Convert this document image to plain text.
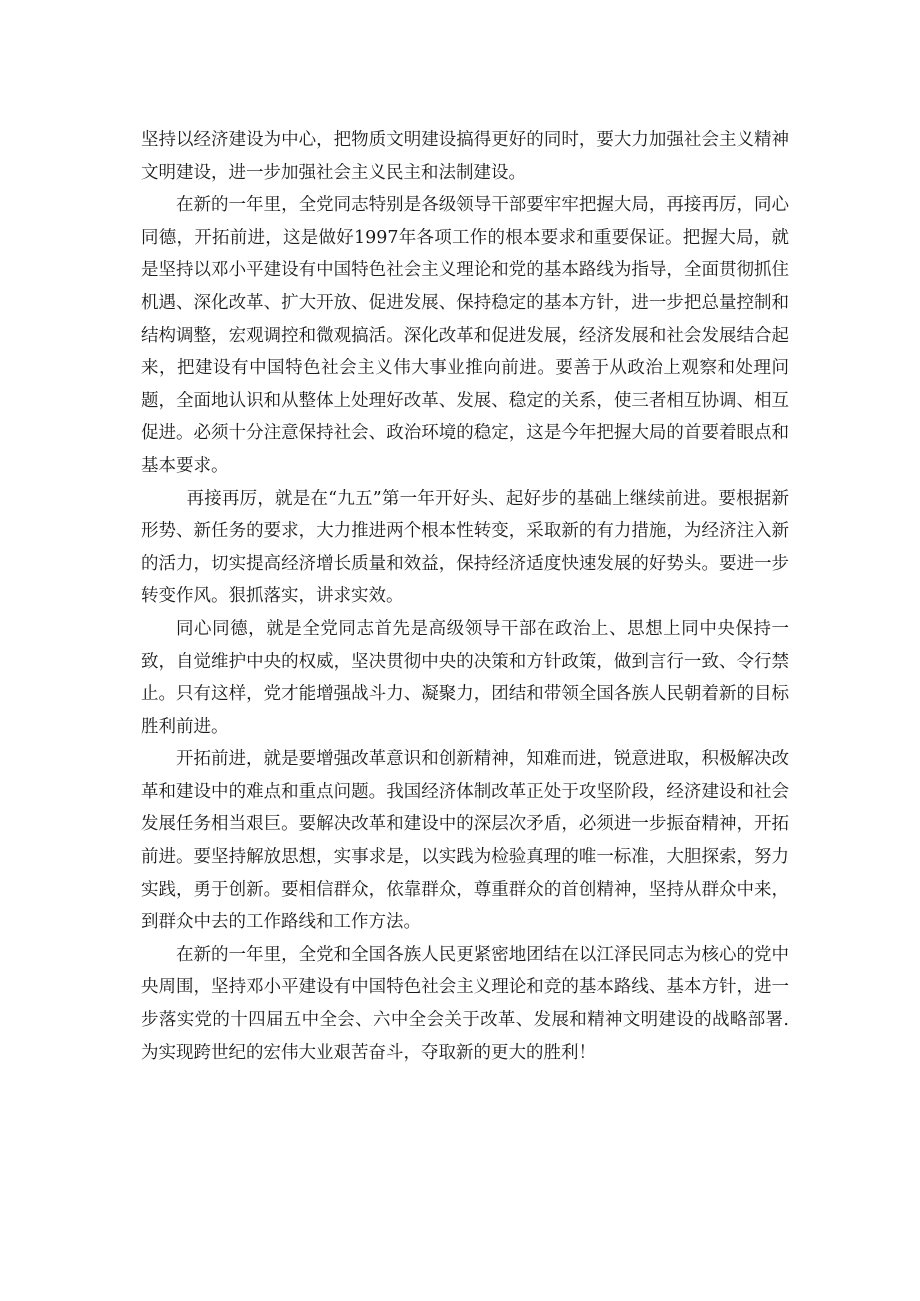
坚持以经济建设为中心，把物质文明建设搞得更好的同时，要大力加强社会主义精神文明建设，进一步加强社会主义民主和法制建设。

在新的一年里，全党同志特别是各级领导干部要牢牢把握大局，再接再厉，同心同德，开拓前进，这是做好1997年各项工作的根本要求和重要保证。把握大局，就是坚持以邓小平建设有中国特色社会主义理论和党的基本路线为指导，全面贯彻抓住机遇、深化改革、扩大开放、促进发展、保持稳定的基本方针，进一步把总量控制和结构调整，宏观调控和微观搞活。深化改革和促进发展，经济发展和社会发展结合起来，把建设有中国特色社会主义伟大事业推向前进。要善于从政治上观察和处理问题，全面地认识和从整体上处理好改革、发展、稳定的关系，使三者相互协调、相互促进。必须十分注意保持社会、政治环境的稳定，这是今年把握大局的首要着眼点和基本要求。

再接再厉，就是在“九五”第一年开好头、起好步的基础上继续前进。要根据新形势、新任务的要求，大力推进两个根本性转变，采取新的有力措施，为经济注入新的活力，切实提高经济增长质量和效益，保持经济适度快速发展的好势头。要进一步转变作风。狠抓落实，讲求实效。

同心同德，就是全党同志首先是高级领导干部在政治上、思想上同中央保持一致，自觉维护中央的权威，坚决贯彻中央的决策和方针政策，做到言行一致、令行禁止。只有这样，党才能增强战斗力、凝聚力，团结和带领全国各族人民朝着新的目标胜利前进。

开拓前进，就是要增强改革意识和创新精神，知难而进，锐意进取，积极解决改革和建设中的难点和重点问题。我国经济体制改革正处于攻坚阶段，经济建设和社会发展任务相当艰巨。要解决改革和建设中的深层次矛盾，必须进一步振奋精神，开拓前进。要坚持解放思想，实事求是，以实践为检验真理的唯一标准，大胆探索，努力实践，勇于创新。要相信群众，依靠群众，尊重群众的首创精神，坚持从群众中来，到群众中去的工作路线和工作方法。

在新的一年里，全党和全国各族人民更紧密地团结在以江泽民同志为核心的党中央周围，坚持邓小平建设有中国特色社会主义理论和竞的基本路线、基本方针，进一步落实党的十四届五中全会、六中全会关于改革、发展和精神文明建设的战略部署.为实现跨世纪的宏伟大业艰苦奋斗，夺取新的更大的胜利！
